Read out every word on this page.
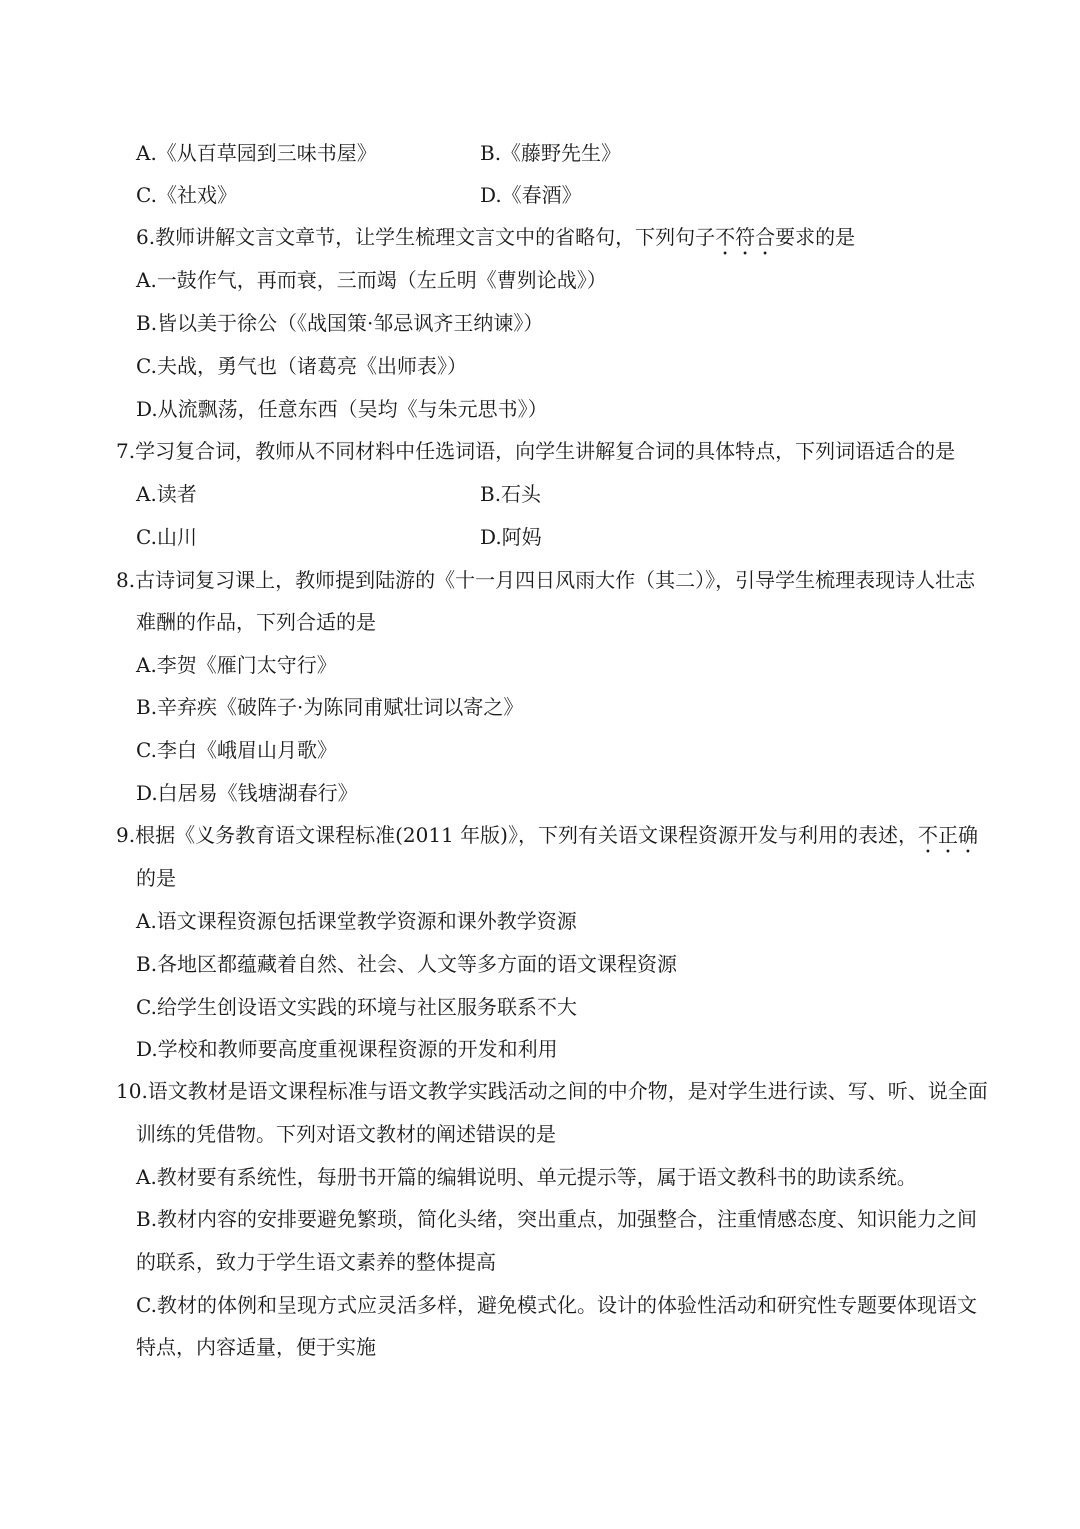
A.《从百草园到三味书屋》	B.《藤野先生》
C.《社戏》	D.《春酒》
6.教师讲解文言文章节，让学生梳理文言文中的省略句，下列句子不符合要求的是
A.一鼓作气，再而衰，三而竭（左丘明《曹刿论战》）
B.皆以美于徐公（《战国策·邹忌讽齐王纳谏》）
C.夫战，勇气也（诸葛亮《出师表》）
D.从流飘荡，任意东西（吴均《与朱元思书》）
7.学习复合词，教师从不同材料中任选词语，向学生讲解复合词的具体特点，下列词语适合的是
A.读者	B.石头
C.山川	D.阿妈
8.古诗词复习课上，教师提到陆游的《十一月四日风雨大作（其二）》，引导学生梳理表现诗人壮志
难酬的作品，下列合适的是
A.李贺《雁门太守行》
B.辛弃疾《破阵子·为陈同甫赋壮词以寄之》
C.李白《峨眉山月歌》
D.白居易《钱塘湖春行》
9.根据《义务教育语文课程标准(2011 年版)》，下列有关语文课程资源开发与利用的表述，不正确
的是
A.语文课程资源包括课堂教学资源和课外教学资源
B.各地区都蕴藏着自然、社会、人文等多方面的语文课程资源
C.给学生创设语文实践的环境与社区服务联系不大
D.学校和教师要高度重视课程资源的开发和利用
10.语文教材是语文课程标准与语文教学实践活动之间的中介物，是对学生进行读、写、听、说全面
训练的凭借物。下列对语文教材的阐述错误的是
A.教材要有系统性，每册书开篇的编辑说明、单元提示等，属于语文教科书的助读系统。
B.教材内容的安排要避免繁琐，简化头绪，突出重点，加强整合，注重情感态度、知识能力之间
的联系，致力于学生语文素养的整体提高
C.教材的体例和呈现方式应灵活多样，避免模式化。设计的体验性活动和研究性专题要体现语文
特点，内容适量，便于实施
